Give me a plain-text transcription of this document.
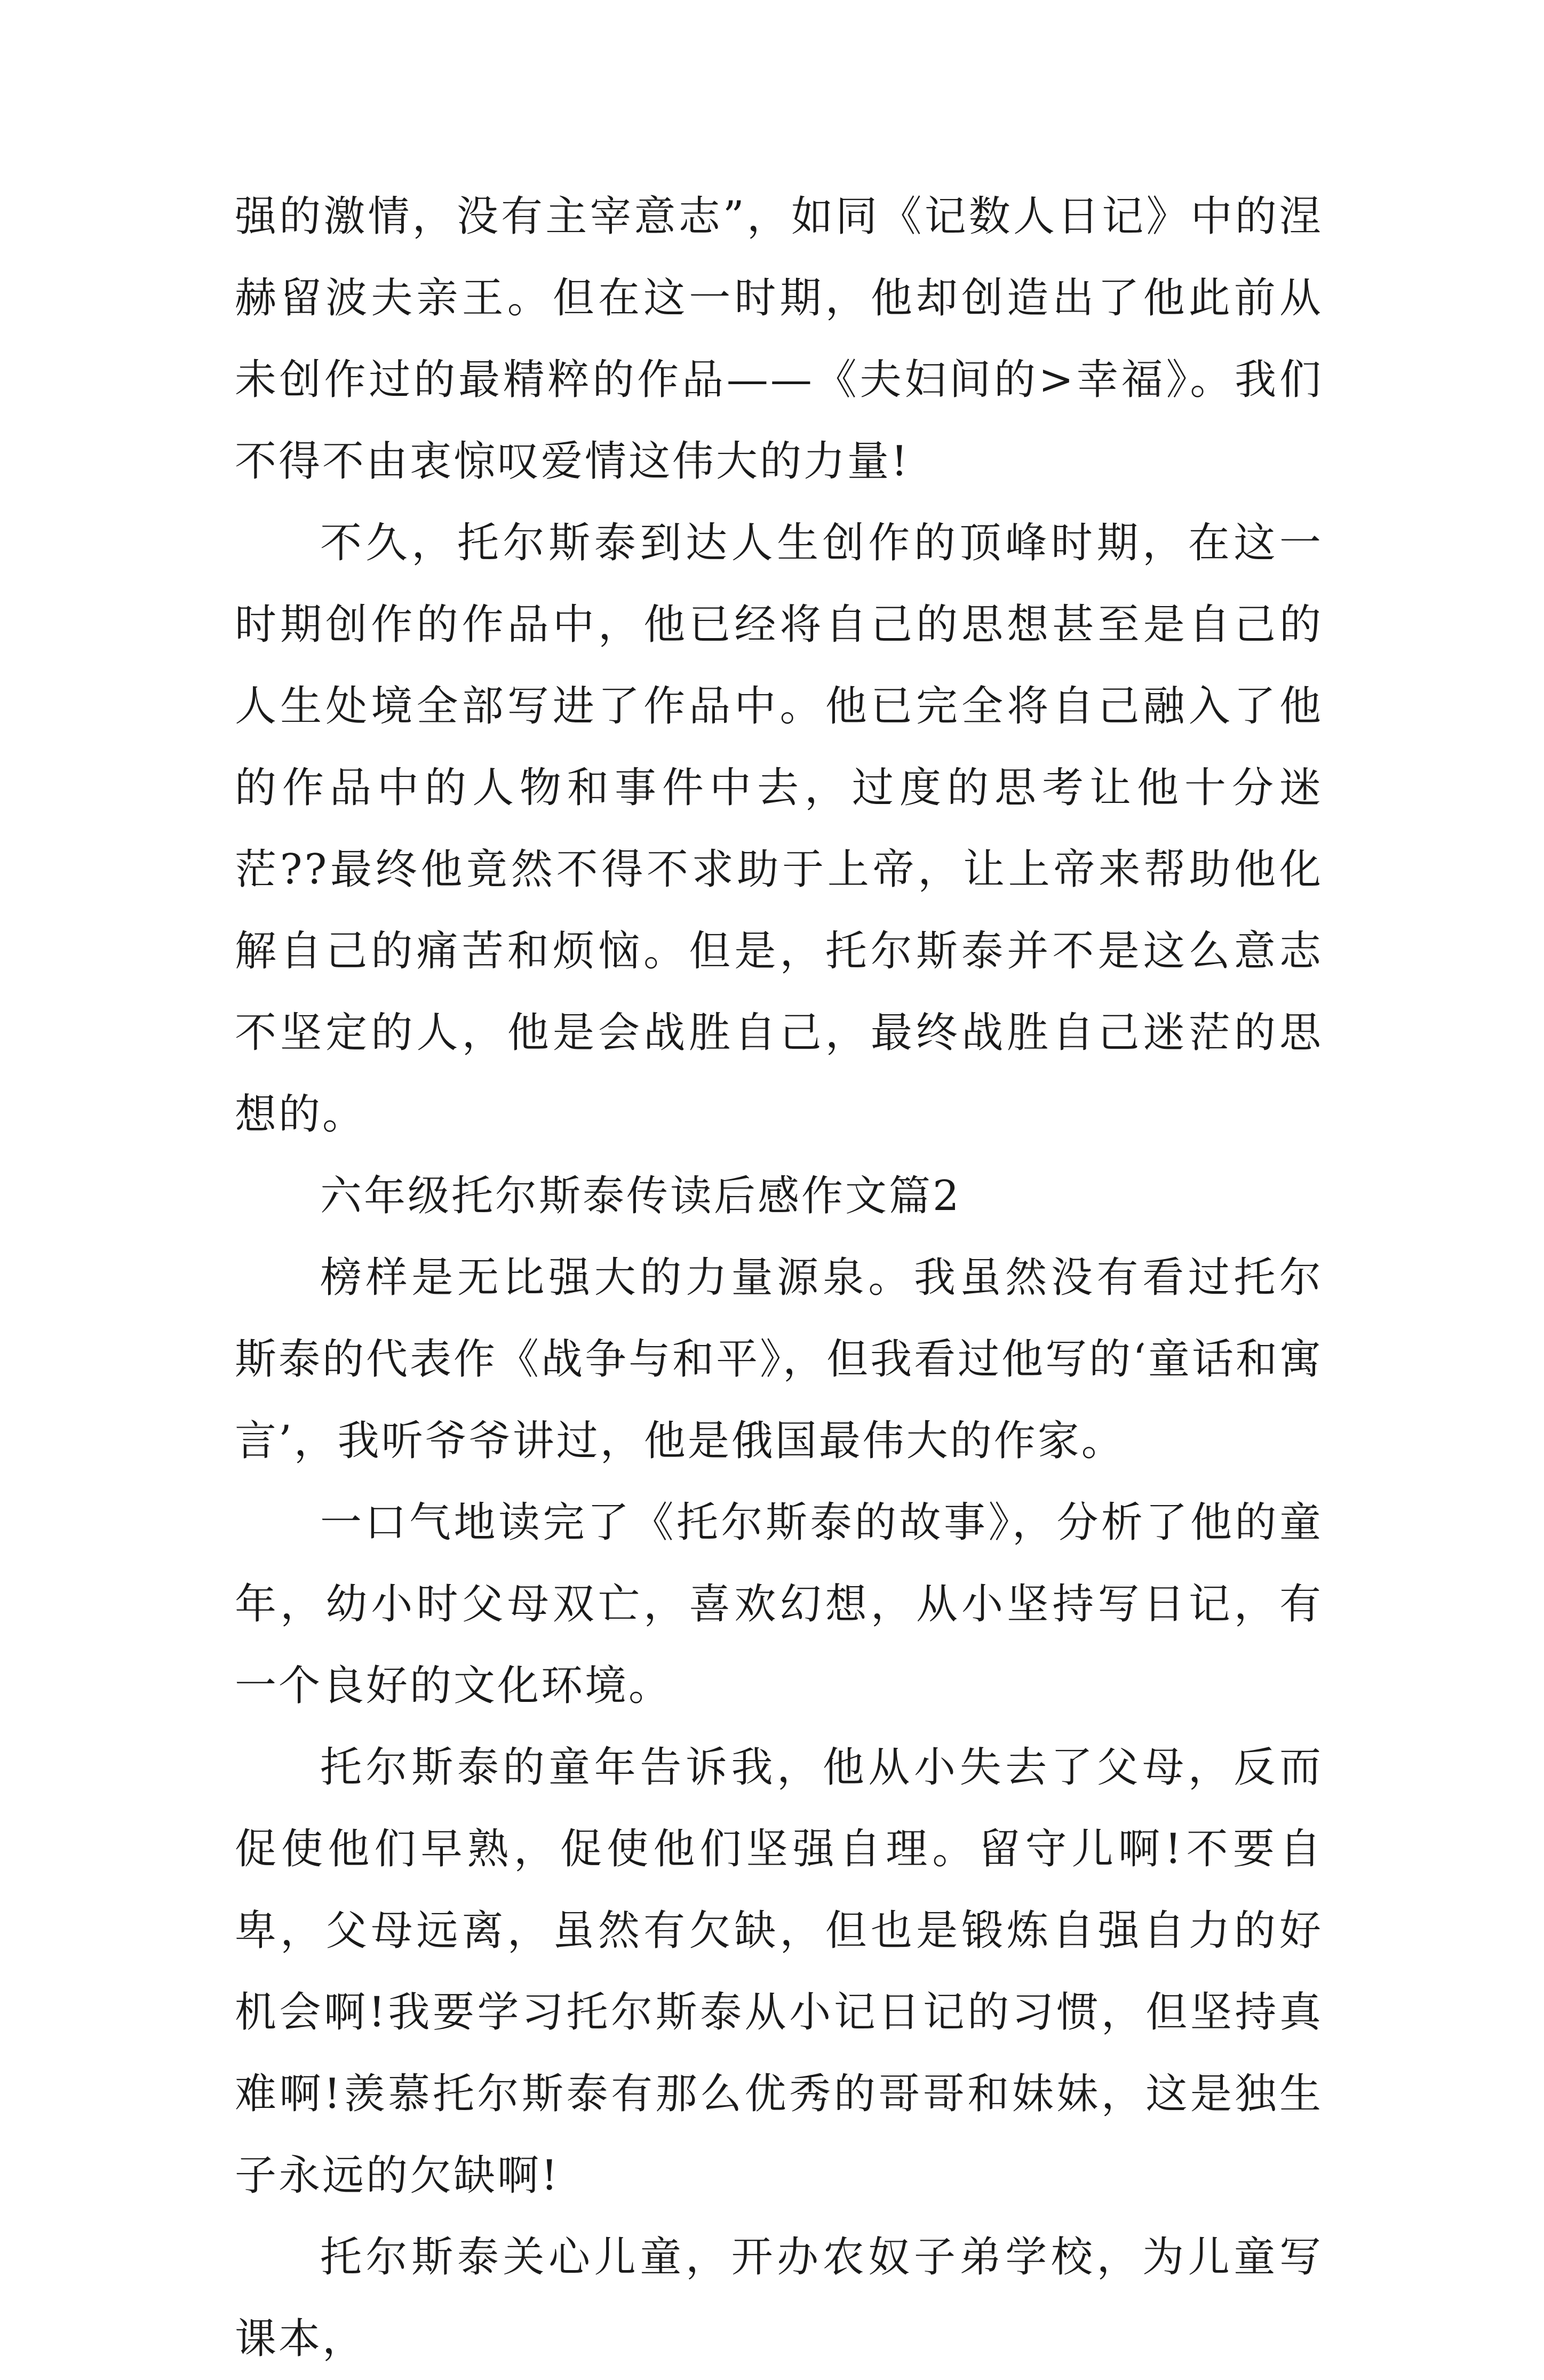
强的激情，没有主宰意志”，如同《记数人日记》中的涅赫留波夫亲王。但在这一时期，他却创造出了他此前从未创作过的最精粹的作品——《夫妇间的>幸福》。我们不得不由衷惊叹爱情这伟大的力量!

不久，托尔斯泰到达人生创作的顶峰时期，在这一时期创作的作品中，他已经将自己的思想甚至是自己的人生处境全部写进了作品中。他已完全将自己融入了他的作品中的人物和事件中去，过度的思考让他十分迷茫??最终他竟然不得不求助于上帝，让上帝来帮助他化解自己的痛苦和烦恼。但是，托尔斯泰并不是这么意志不坚定的人，他是会战胜自己，最终战胜自己迷茫的思想的。

六年级托尔斯泰传读后感作文篇2

榜样是无比强大的力量源泉。我虽然没有看过托尔斯泰的代表作《战争与和平》，但我看过他写的‘童话和寓言’，我听爷爷讲过，他是俄国最伟大的作家。

一口气地读完了《托尔斯泰的故事》，分析了他的童年，幼小时父母双亡，喜欢幻想，从小坚持写日记，有一个良好的文化环境。

托尔斯泰的童年告诉我，他从小失去了父母，反而促使他们早熟，促使他们坚强自理。留守儿啊!不要自卑，父母远离，虽然有欠缺，但也是锻炼自强自力的好机会啊!我要学习托尔斯泰从小记日记的习惯，但坚持真难啊!羡慕托尔斯泰有那么优秀的哥哥和妹妹，这是独生子永远的欠缺啊!

托尔斯泰关心儿童，开办农奴子弟学校，为儿童写课本，
